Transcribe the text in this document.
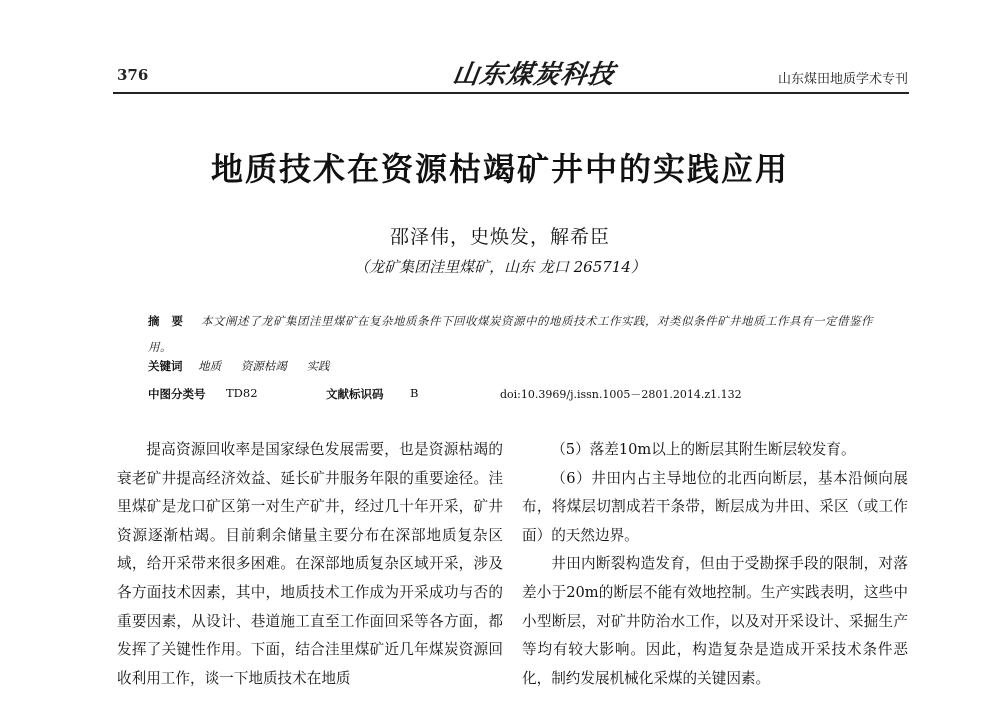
376	山东煤炭科技	山东煤田地质学术专刊
地质技术在资源枯竭矿井中的实践应用
邵泽伟，史焕发，解希臣
（龙矿集团洼里煤矿，山东 龙口 265714）
摘 要 本文阐述了龙矿集团洼里煤矿在复杂地质条件下回收煤炭资源中的地质技术工作实践，对类似条件矿井地质工作具有一定借鉴作用。
关键词 地质 资源枯竭 实践
中图分类号 TD82	文献标识码 B	doi:10.3969/j.issn.1005－2801.2014.z1.132

提高资源回收率是国家绿色发展需要，也是资源枯竭的衰老矿井提高经济效益、延长矿井服务年限的重要途径。洼里煤矿是龙口矿区第一对生产矿井，经过几十年开采，矿井资源逐渐枯竭。目前剩余储量主要分布在深部地质复杂区域，给开采带来很多困难。在深部地质复杂区域开采，涉及各方面技术因素，其中，地质技术工作成为开采成功与否的重要因素，从设计、巷道施工直至工作面回采等各方面，都发挥了关键性作用。下面，结合洼里煤矿近几年煤炭资源回收利用工作，谈一下地质技术在地质

（5）落差10m以上的断层其附生断层较发育。

（6）井田内占主导地位的北西向断层，基本沿倾向展布，将煤层切割成若干条带，断层成为井田、采区（或工作面）的天然边界。

井田内断裂构造发育，但由于受勘探手段的限制，对落差小于20m的断层不能有效地控制。生产实践表明，这些中小型断层，对矿井防治水工作，以及对开采设计、采掘生产等均有较大影响。因此，构造复杂是造成开采技术条件恶化，制约发展机械化采煤的关键因素。
